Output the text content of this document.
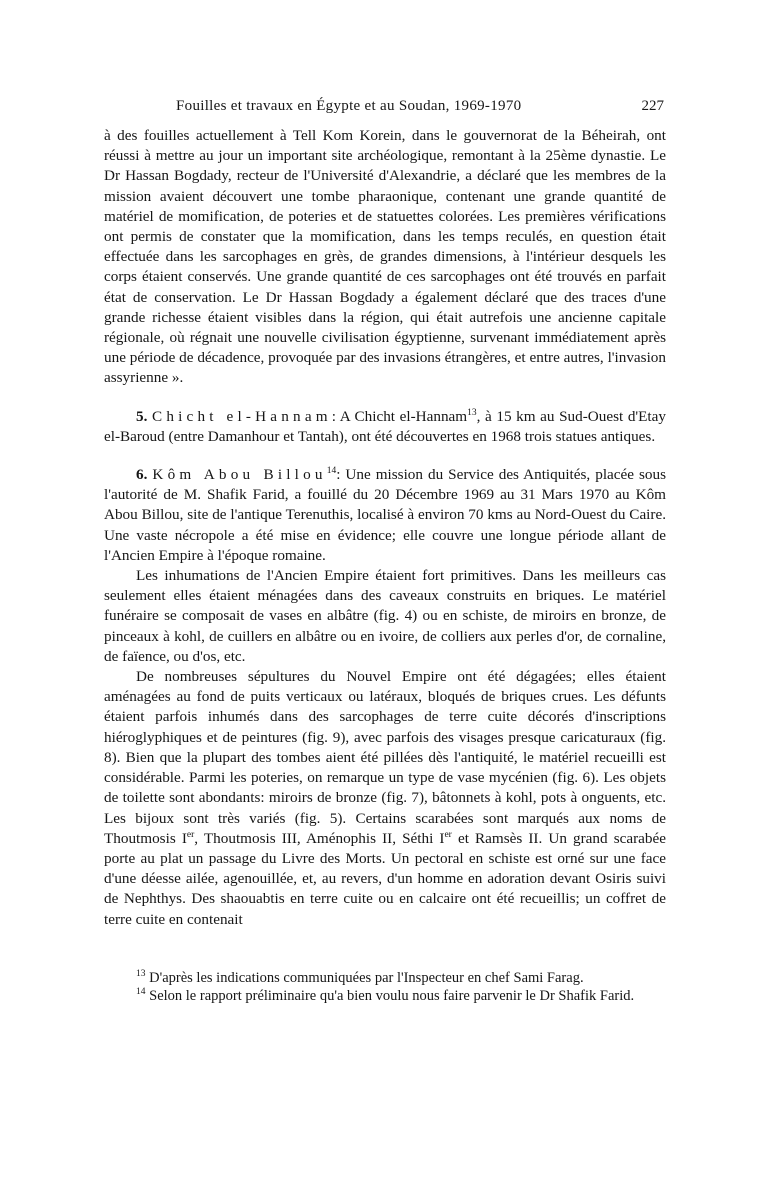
Fouilles et travaux en Égypte et au Soudan, 1969-1970	227

à des fouilles actuellement à Tell Kom Korein, dans le gouvernorat de la Béheirah, ont réussi à mettre au jour un important site archéologique, remontant à la 25ème dynastie. Le Dr Hassan Bogdady, recteur de l'Université d'Alexandrie, a déclaré que les membres de la mission avaient découvert une tombe pharaonique, contenant une grande quantité de matériel de momification, de poteries et de statuettes colorées. Les premières vérifications ont permis de constater que la momification, dans les temps reculés, en question était effectuée dans les sarcophages en grès, de grandes dimensions, à l'intérieur desquels les corps étaient conservés. Une grande quantité de ces sarcophages ont été trouvés en parfait état de conservation. Le Dr Hassan Bogdady a également déclaré que des traces d'une grande richesse étaient visibles dans la région, qui était autrefois une ancienne capitale régionale, où régnait une nouvelle civilisation égyptienne, survenant immédiatement après une période de décadence, provoquée par des invasions étrangères, et entre autres, l'invasion assyrienne ».

5. Chicht el-Hannam: A Chicht el-Hannam$^{13}$, à 15 km au Sud-Ouest d'Etay el-Baroud (entre Damanhour et Tantah), ont été découvertes en 1968 trois statues antiques.

6. Kôm Abou Billou$^{14}$: Une mission du Service des Antiquités, placée sous l'autorité de M. Shafik Farid, a fouillé du 20 Décembre 1969 au 31 Mars 1970 au Kôm Abou Billou, site de l'antique Terenuthis, localisé à environ 70 kms au Nord-Ouest du Caire. Une vaste nécropole a été mise en évidence; elle couvre une longue période allant de l'Ancien Empire à l'époque romaine.

Les inhumations de l'Ancien Empire étaient fort primitives. Dans les meilleurs cas seulement elles étaient ménagées dans des caveaux construits en briques. Le matériel funéraire se composait de vases en albâtre (fig. 4) ou en schiste, de miroirs en bronze, de pinceaux à kohl, de cuillers en albâtre ou en ivoire, de colliers aux perles d'or, de cornaline, de faïence, ou d'os, etc.

De nombreuses sépultures du Nouvel Empire ont été dégagées; elles étaient aménagées au fond de puits verticaux ou latéraux, bloqués de briques crues. Les défunts étaient parfois inhumés dans des sarcophages de terre cuite décorés d'inscriptions hiéroglyphiques et de peintures (fig. 9), avec parfois des visages presque caricaturaux (fig. 8). Bien que la plupart des tombes aient été pillées dès l'antiquité, le matériel recueilli est considérable. Parmi les poteries, on remarque un type de vase mycénien (fig. 6). Les objets de toilette sont abondants: miroirs de bronze (fig. 7), bâtonnets à kohl, pots à onguents, etc. Les bijoux sont très variés (fig. 5). Certains scarabées sont marqués aux noms de Thoutmosis Ier, Thoutmosis III, Aménophis II, Séthi Ier et Ramsès II. Un grand scarabée porte au plat un passage du Livre des Morts. Un pectoral en schiste est orné sur une face d'une déesse ailée, agenouillée, et, au revers, d'un homme en adoration devant Osiris suivi de Nephthys. Des shaouabtis en terre cuite ou en calcaire ont été recueillis; un coffret de terre cuite en contenait

$^{13}$ D'après les indications communiquées par l'Inspecteur en chef Sami Farag.

$^{14}$ Selon le rapport préliminaire qu'a bien voulu nous faire parvenir le Dr Shafik Farid.
